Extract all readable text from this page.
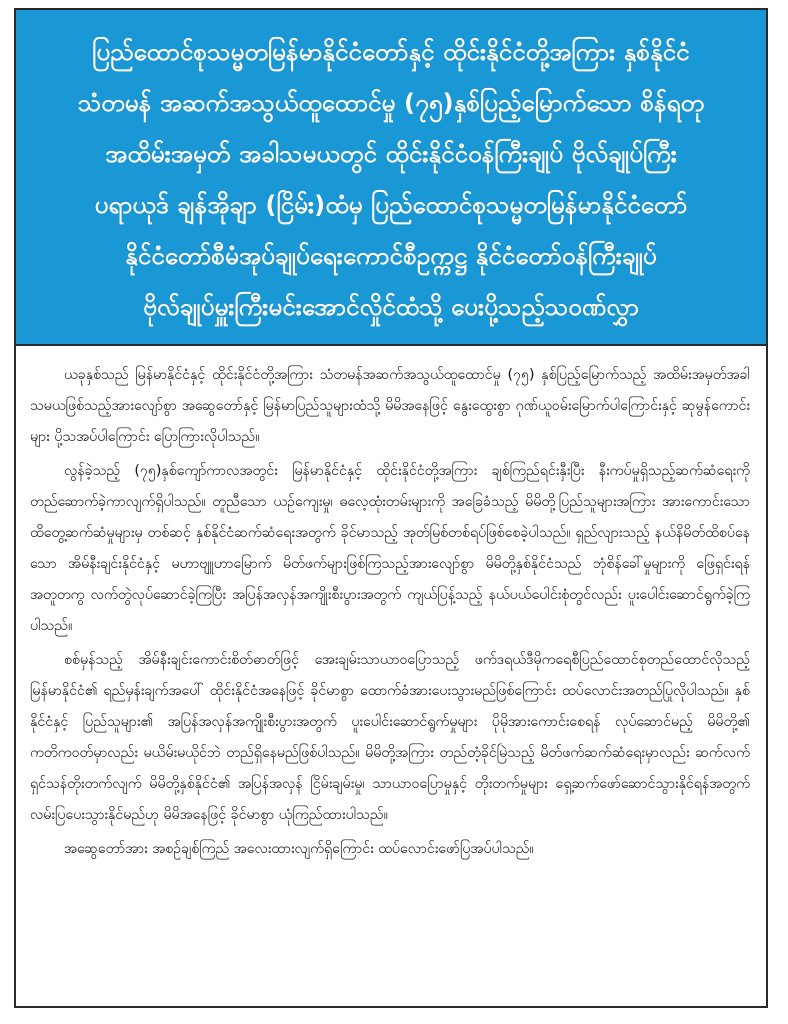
ပြည်ထောင်စုသမ္မတမြန်မာနိုင်ငံတော်နှင့် ထိုင်းနိုင်ငံတို့အကြား နှစ်နိုင်ငံ
သံတမန် အဆက်အသွယ်ထူထောင်မှု (၇၅)နှစ်ပြည့်မြောက်သော စိန်ရတု
အထိမ်းအမှတ် အခါသမယတွင် ထိုင်းနိုင်ငံဝန်ကြီးချုပ် ဗိုလ်ချုပ်ကြီး
ပရာယုဒ် ချန်အိုချာ (ငြိမ်း)ထံမှ ပြည်ထောင်စုသမ္မတမြန်မာနိုင်ငံတော်
နိုင်ငံတော်စီမံအုပ်ချုပ်ရေးကောင်စီဥက္ကဋ္ဌ နိုင်ငံတော်ဝန်ကြီးချုပ်
ဗိုလ်ချုပ်မှူးကြီးမင်းအောင်လှိုင်ထံသို့ ပေးပို့သည့်သဝဏ်လွှာ

ယခုနှစ်သည် မြန်မာနိုင်ငံနှင့် ထိုင်းနိုင်ငံတို့အကြား သံတမန်အဆက်အသွယ်ထူထောင်မှု (၇၅) နှစ်ပြည့်မြောက်သည့် အထိမ်းအမှတ်အခါသမယဖြစ်သည့်အားလျော်စွာ အဆွေတော်နှင့် မြန်မာပြည်သူများထံသို့ မိမိအနေဖြင့် နွေးထွေးစွာ ဂုဏ်ယူဝမ်းမြောက်ပါကြောင်းနှင့် ဆုမွန်ကောင်းများ ပို့သအပ်ပါကြောင်း ပြောကြားလိုပါသည်။

လွန်ခဲ့သည့် (၇၅)နှစ်ကျော်ကာလအတွင်း မြန်မာနိုင်ငံနှင့် ထိုင်းနိုင်ငံတို့အကြား ချစ်ကြည်ရင်းနှီးပြီး နီးကပ်မှုရှိသည့်ဆက်ဆံရေးကို တည်ဆောက်ခဲ့ကာလျက်ရှိပါသည်။ တူညီသော ယဉ်ကျေးမှု၊ ဓလေ့ထုံးတမ်းများကို အခြေခံသည့် မိမိတို့ပြည်သူများအကြား အားကောင်းသော ထိတွေ့ဆက်ဆံမှုများမှ တစ်ဆင့် နှစ်နိုင်ငံဆက်ဆံရေးအတွက် ခိုင်မာသည့် အုတ်မြစ်တစ်ရပ်ဖြစ်စေခဲ့ပါသည်။ ရှည်လျားသည့် နယ်နိမိတ်ထိစပ်နေသော အိမ်နီးချင်းနိုင်ငံနှင့် မဟာဗျူဟာမြောက် မိတ်ဖက်များဖြစ်ကြသည့်အားလျော်စွာ မိမိတို့နှစ်နိုင်ငံသည် ဘုံစိန်ခေါ်မှုများကို ဖြေရှင်းရန် အတူတကွ လက်တွဲလုပ်ဆောင်ခဲ့ကြပြီး အပြန်အလှန်အကျိုးစီးပွားအတွက် ကျယ်ပြန့်သည့် နယ်ပယ်ပေါင်းစုံတွင်လည်း ပူးပေါင်းဆောင်ရွက်ခဲ့ကြပါသည်။

စစ်မှန်သည့် အိမ်နီးချင်းကောင်းစိတ်ဓာတ်ဖြင့် အေးချမ်းသာယာဝပြောသည့် ဖက်ဒရယ်ဒီမိုကရေစီပြည်ထောင်စုတည်ထောင်လိုသည့် မြန်မာနိုင်ငံ၏ ရည်မှန်းချက်အပေါ် ထိုင်းနိုင်ငံအနေဖြင့် ခိုင်မာစွာ ထောက်ခံအားပေးသွားမည်ဖြစ်ကြောင်း ထပ်လောင်းအတည်ပြုလိုပါသည်။ နှစ်နိုင်ငံနှင့် ပြည်သူများ၏ အပြန်အလှန်အကျိုးစီးပွားအတွက် ပူးပေါင်းဆောင်ရွက်မှုများ ပိုမိုအားကောင်းစေရန် လုပ်ဆောင်မည့် မိမိတို့၏ ကတိကဝတ်မှာလည်း မယိမ်းမယိုင်ဘဲ တည်ရှိနေမည်ဖြစ်ပါသည်။ မိမိတို့အကြား တည်တံ့ခိုင်မြဲသည့် မိတ်ဖက်ဆက်ဆံရေးမှာလည်း ဆက်လက်ရှင်သန်တိုးတက်လျက် မိမိတို့နှစ်နိုင်ငံ၏ အပြန်အလှန် ငြိမ်းချမ်းမှု၊ သာယာဝပြောမှုနှင့် တိုးတက်မှုများ ရှေ့ဆက်ဖော်ဆောင်သွားနိုင်ရန်အတွက် လမ်းပြပေးသွားနိုင်မည်ဟု မိမိအနေဖြင့် ခိုင်မာစွာ ယုံကြည်ထားပါသည်။

အဆွေတော်အား အစဉ်ချစ်ကြည် အလေးထားလျက်ရှိကြောင်း ထပ်လောင်းဖော်ပြအပ်ပါသည်။
